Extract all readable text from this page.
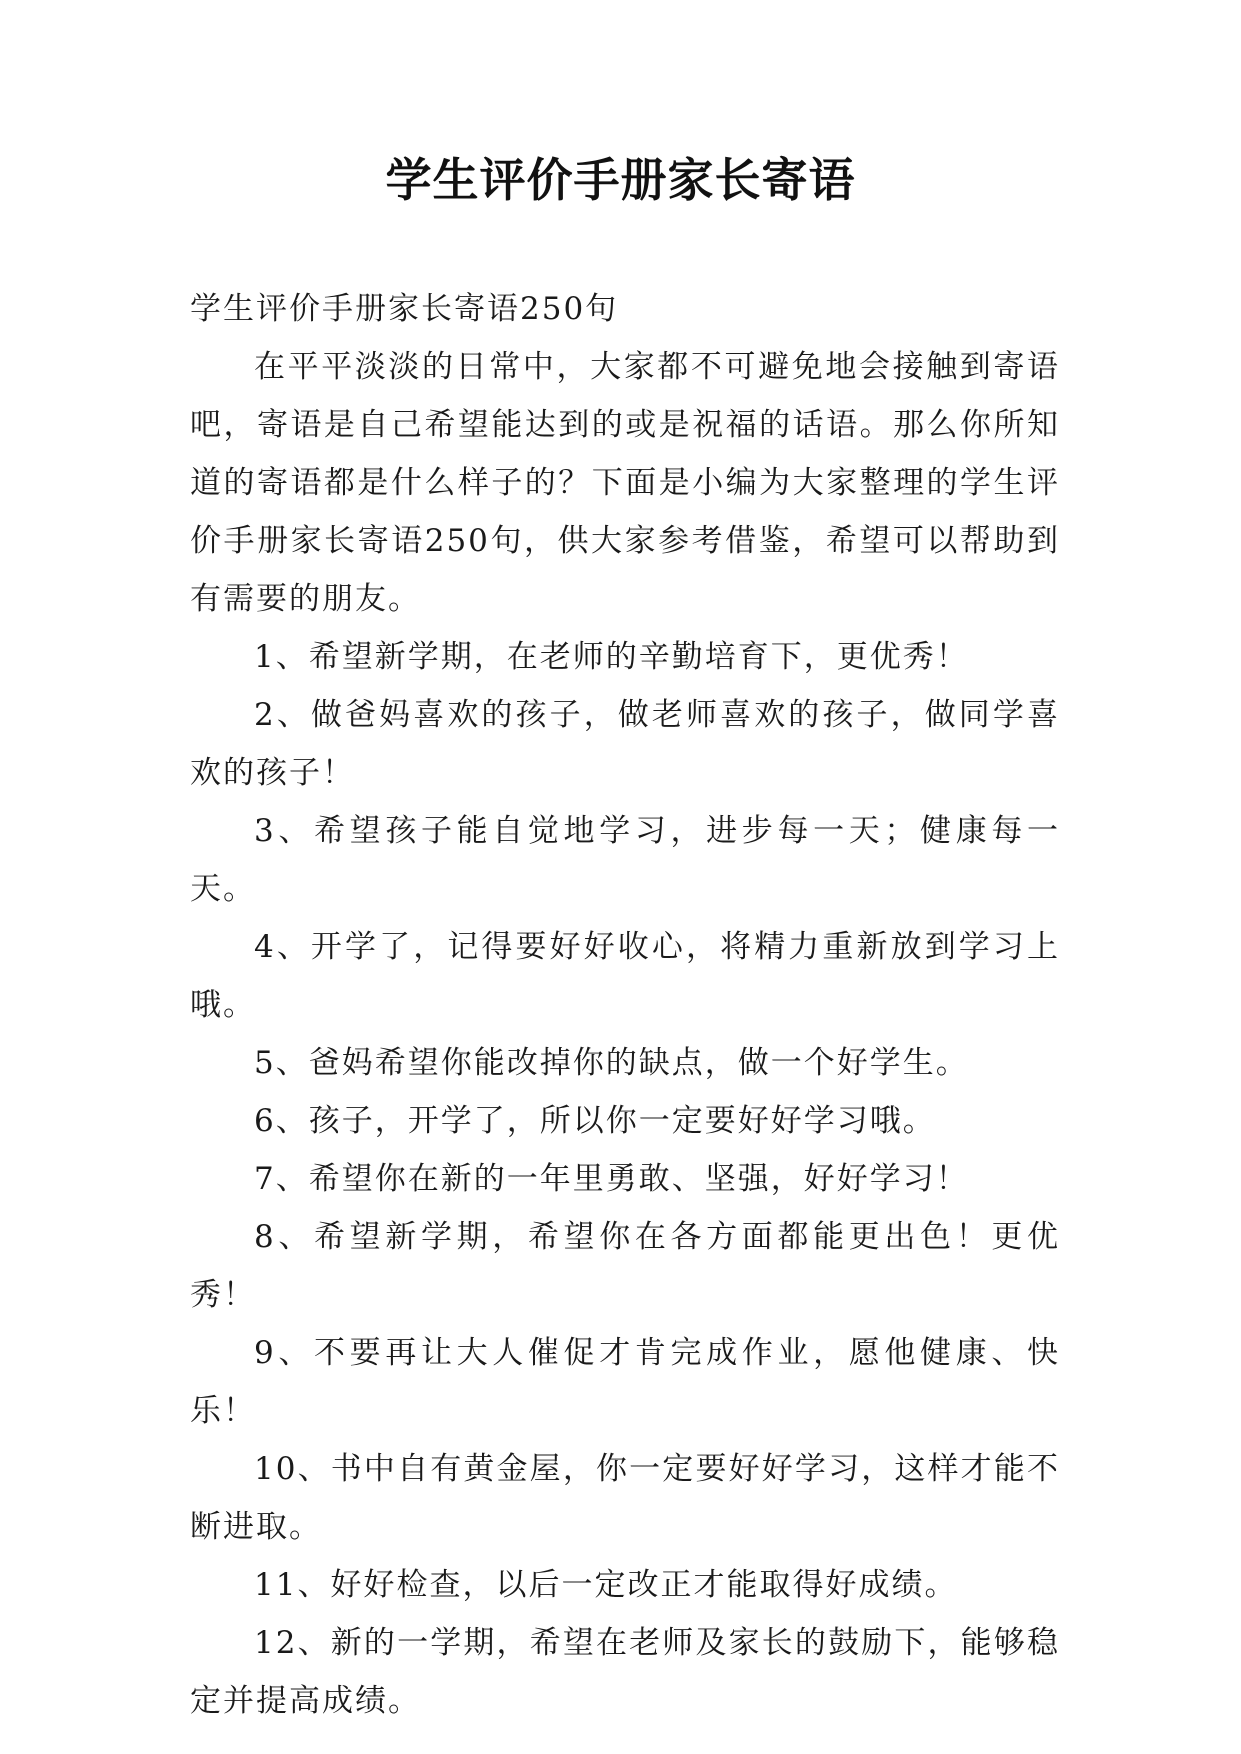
学生评价手册家长寄语

学生评价手册家长寄语250句

在平平淡淡的日常中，大家都不可避免地会接触到寄语吧，寄语是自己希望能达到的或是祝福的话语。那么你所知道的寄语都是什么样子的？下面是小编为大家整理的学生评价手册家长寄语250句，供大家参考借鉴，希望可以帮助到有需要的朋友。

1、希望新学期，在老师的辛勤培育下，更优秀！

2、做爸妈喜欢的孩子，做老师喜欢的孩子，做同学喜欢的孩子！

3、希望孩子能自觉地学习，进步每一天；健康每一天。

4、开学了，记得要好好收心，将精力重新放到学习上哦。

5、爸妈希望你能改掉你的缺点，做一个好学生。

6、孩子，开学了，所以你一定要好好学习哦。

7、希望你在新的一年里勇敢、坚强，好好学习！

8、希望新学期，希望你在各方面都能更出色！更优秀！

9、不要再让大人催促才肯完成作业，愿他健康、快乐！

10、书中自有黄金屋，你一定要好好学习，这样才能不断进取。

11、好好检查，以后一定改正才能取得好成绩。

12、新的一学期，希望在老师及家长的鼓励下，能够稳定并提高成绩。
